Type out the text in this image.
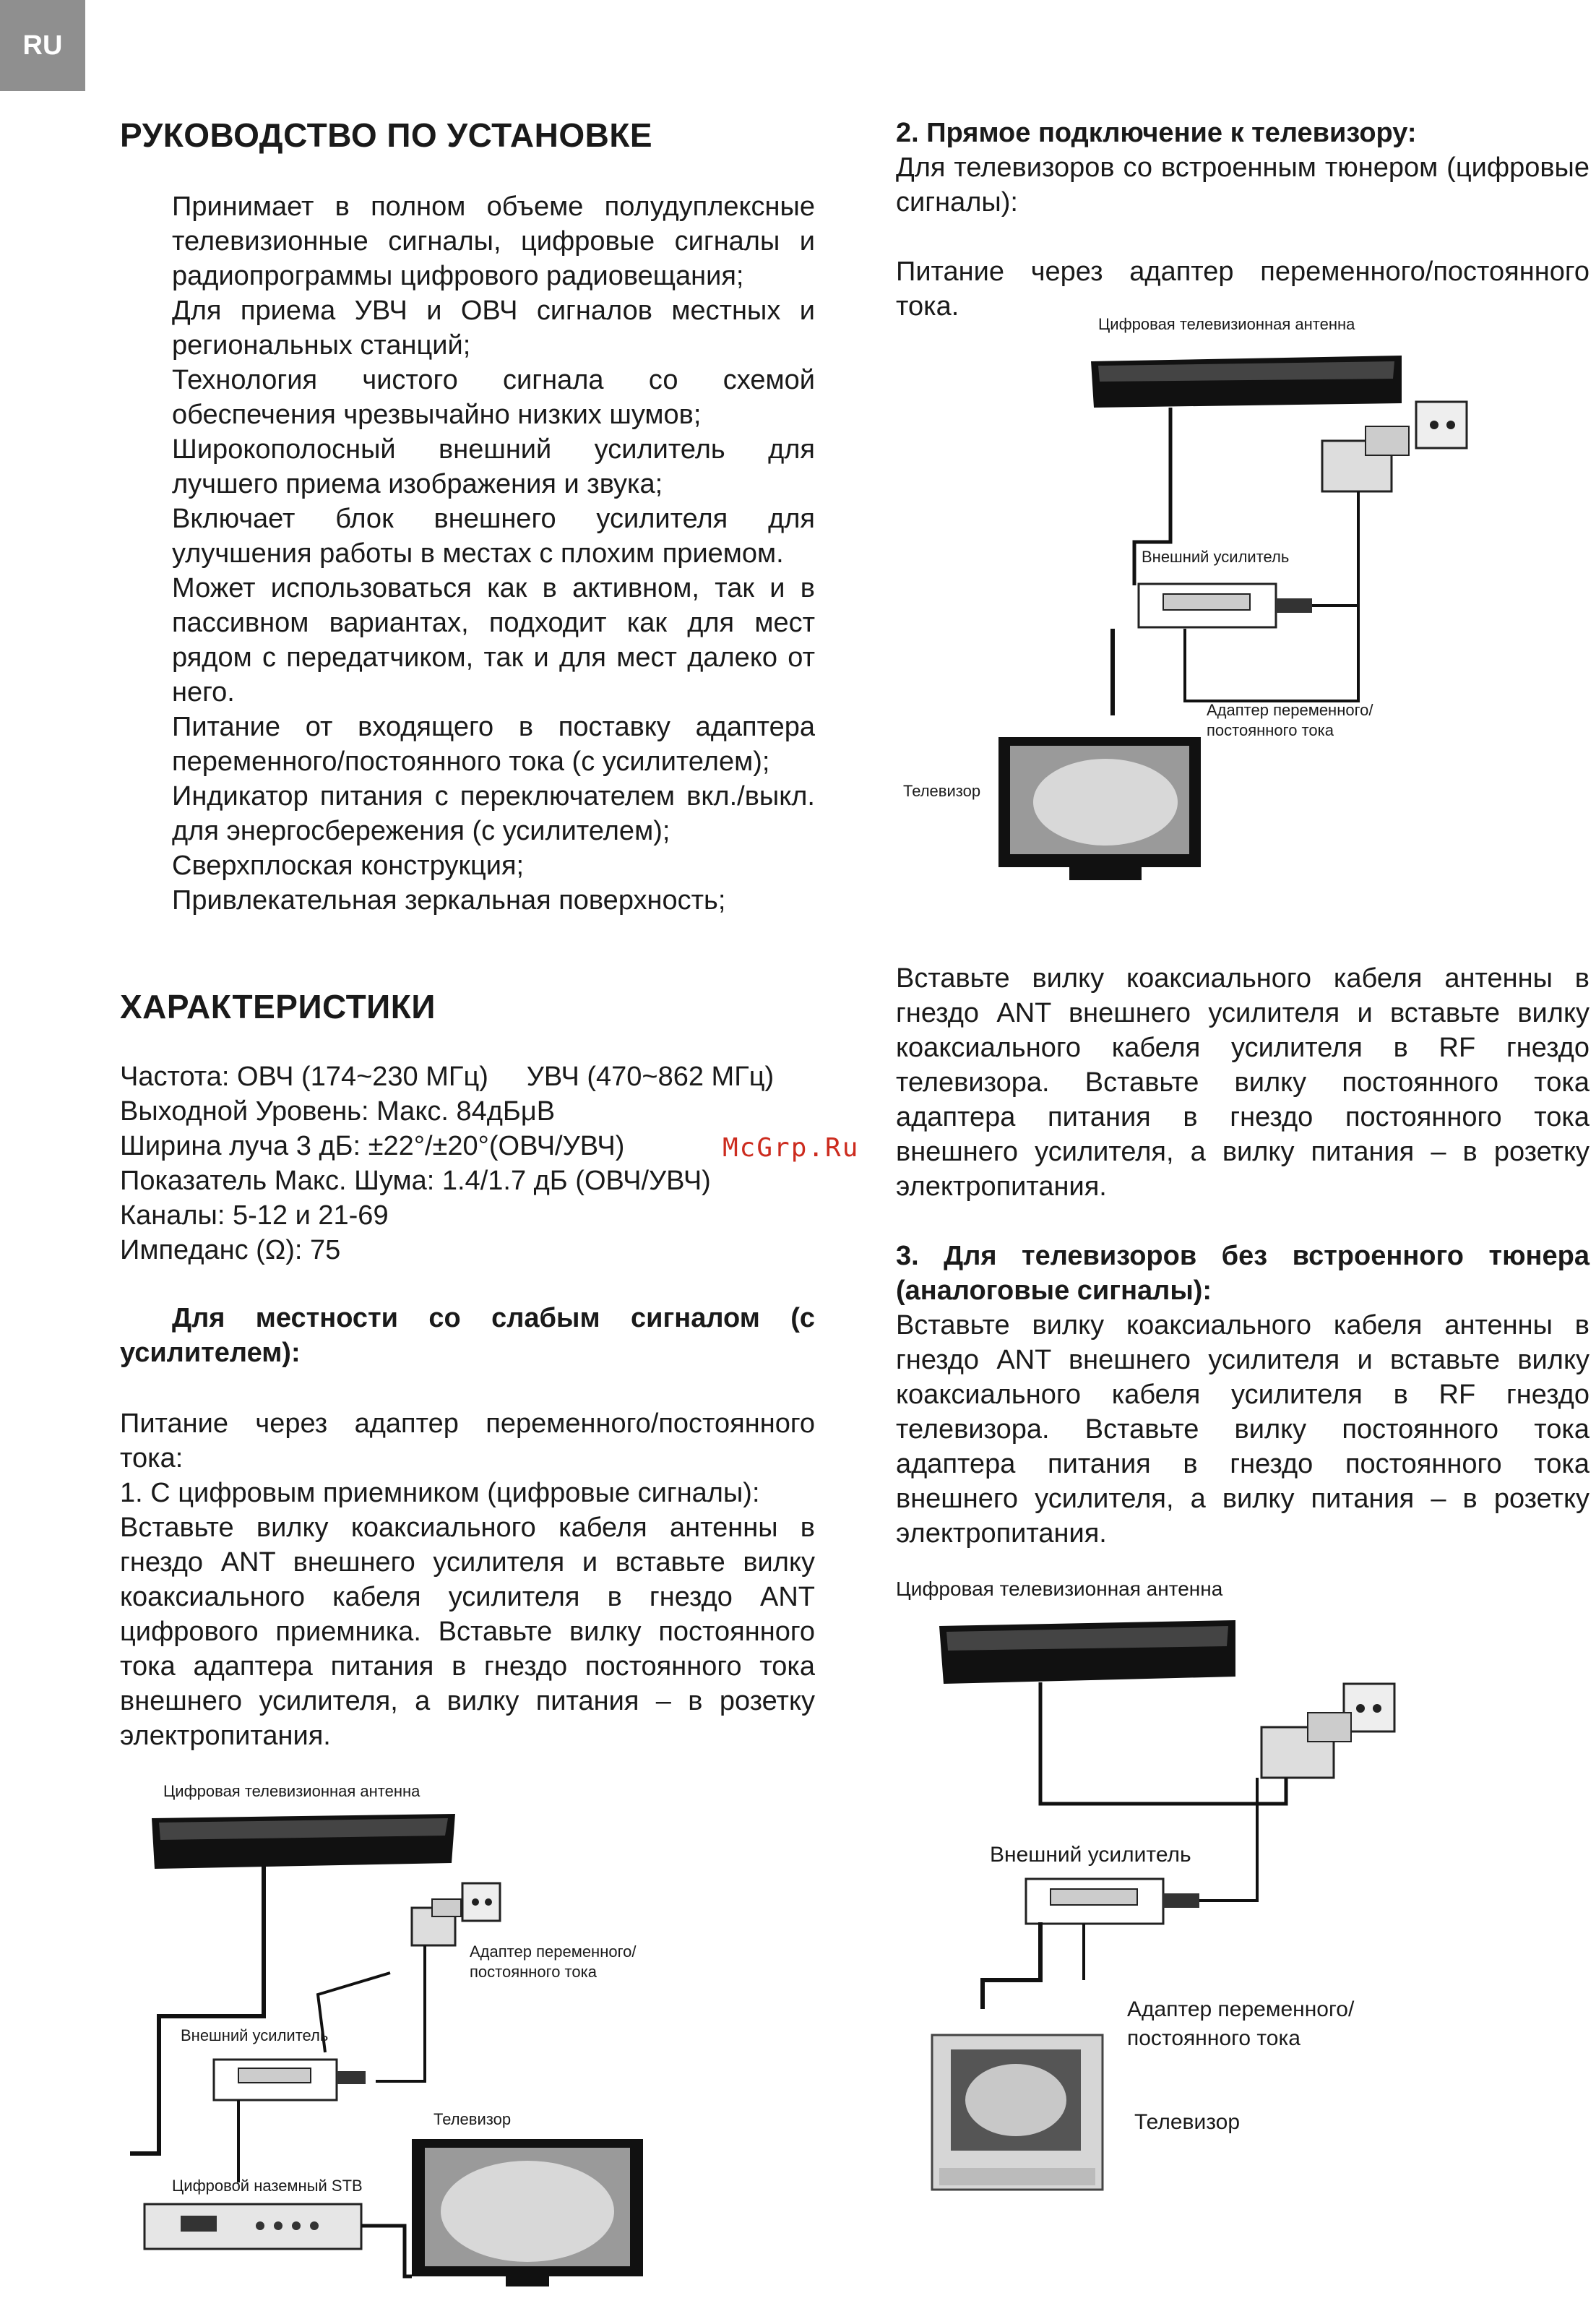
RU
РУКОВОДСТВО ПО УСТАНОВКЕ

Принимает в полном объеме полудуплексные телевизионные сигналы, цифровые сигналы и радиопрограммы цифрового радиовещания;

Для приема УВЧ и ОВЧ сигналов местных и региональных станций;

Технология чистого сигнала со схемой обеспечения чрезвычайно низких шумов;

Широкополосный внешний усилитель для лучшего приема изображения и звука;

Включает блок внешнего усилителя для улучшения работы в местах с плохим приемом.

Может использоваться как в активном, так и в пассивном вариантах, подходит как для мест рядом с передатчиком, так и для мест далеко от него.

Питание от входящего в поставку адаптера переменного/постоянного тока (с усилителем);

Индикатор питания с переключателем вкл./выкл. для энергосбережения (с усилителем);

Сверхплоская конструкция;

Привлекательная зеркальная поверхность;

ХАРАКТЕРИСТИКИ
Частота: ОВЧ (174~230 МГц)     УВЧ (470~862 МГц)
Выходной Уровень: Макс. 84дБμВ
Ширина луча 3 дБ: ±22°/±20°(ОВЧ/УВЧ)
Показатель Макс. Шума: 1.4/1.7 дБ (ОВЧ/УВЧ)
Каналы: 5-12 и 21-69
Импеданс (Ω): 75
McGrp.Ru
Для местности со слабым сигналом (с усилителем):

Питание через адаптер переменного/постоянного тока:

1. С цифровым приемником (цифровые сигналы):

Вставьте вилку коаксиального кабеля антенны в гнездо ANT внешнего усилителя и вставьте вилку коаксиального кабеля усилителя в гнездо ANT цифрового приемника. Вставьте вилку постоянного тока адаптера питания в гнездо постоянного тока внешнего усилителя, а вилку питания – в розетку электропитания.

Цифровая телевизионная антенна
Адаптер переменного/
постоянного тока
Внешний усилитель
Телевизор
Цифровой наземный STB

2. Прямое подключение к телевизору:

Для телевизоров со встроенным тюнером (цифровые сигналы):

Питание через адаптер переменного/постоянного тока.

Цифровая телевизионная антенна
Внешний усилитель
Адаптер переменного/
постоянного тока
Телевизор
Вставьте вилку коаксиального кабеля антенны в гнездо ANT внешнего усилителя и вставьте вилку коаксиального кабеля усилителя в RF гнездо телевизора. Вставьте вилку постоянного тока адаптера питания в гнездо постоянного тока внешнего усилителя, а вилку питания – в розетку электропитания.

3. Для телевизоров без встроенного тюнера (аналоговые сигналы):

Вставьте вилку коаксиального кабеля антенны в гнездо ANT внешнего усилителя и вставьте вилку коаксиального кабеля усилителя в RF гнездо телевизора. Вставьте вилку постоянного тока адаптера питания в гнездо постоянного тока внешнего усилителя, а вилку питания – в розетку электропитания.

Цифровая телевизионная антенна
Внешний усилитель
Адаптер переменного/
постоянного тока
Телевизор
